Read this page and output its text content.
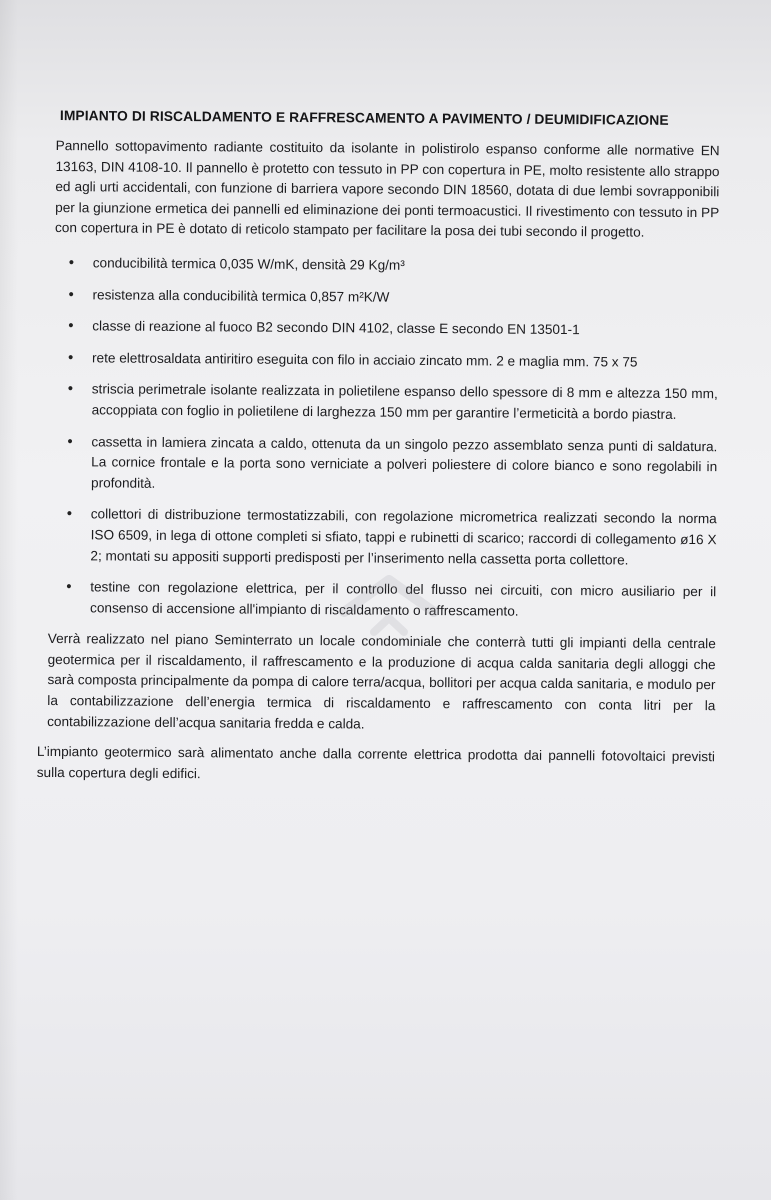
IMPIANTO DI RISCALDAMENTO E RAFFRESCAMENTO A PAVIMENTO / DEUMIDIFICAZIONE

Pannello sottopavimento radiante costituito da isolante in polistirolo espanso conforme alle normative EN 13163, DIN 4108-10. Il pannello è protetto con tessuto in PP con copertura in PE, molto resistente allo strappo ed agli urti accidentali, con funzione di barriera vapore secondo DIN 18560, dotata di due lembi sovrapponibili per la giunzione ermetica dei pannelli ed eliminazione dei ponti termoacustici. Il rivestimento con tessuto in PP con copertura in PE è dotato di reticolo stampato per facilitare la posa dei tubi secondo il progetto.

• conducibilità termica 0,035 W/mK, densità 29 Kg/m³
• resistenza alla conducibilità termica 0,857 m²K/W
• classe di reazione al fuoco B2 secondo DIN 4102, classe E secondo EN 13501-1
• rete elettrosaldata antiritiro eseguita con filo in acciaio zincato mm. 2 e maglia mm. 75 x 75
• striscia perimetrale isolante realizzata in polietilene espanso dello spessore di 8 mm e altezza 150 mm, accoppiata con foglio in polietilene di larghezza 150 mm per garantire l’ermeticità a bordo piastra.
• cassetta in lamiera zincata a caldo, ottenuta da un singolo pezzo assemblato senza punti di saldatura. La cornice frontale e la porta sono verniciate a polveri poliestere di colore bianco e sono regolabili in profondità.
• collettori di distribuzione termostatizzabili, con regolazione micrometrica realizzati secondo la norma ISO 6509, in lega di ottone completi si sfiato, tappi e rubinetti di scarico; raccordi di collegamento ø16 X 2; montati su appositi supporti predisposti per l’inserimento nella cassetta porta collettore.
• testine con regolazione elettrica, per il controllo del flusso nei circuiti, con micro ausiliario per il consenso di accensione all'impianto di riscaldamento o raffrescamento.

Verrà realizzato nel piano Seminterrato un locale condominiale che conterrà tutti gli impianti della centrale geotermica per il riscaldamento, il raffrescamento e la produzione di acqua calda sanitaria degli alloggi che sarà composta principalmente da pompa di calore terra/acqua, bollitori per acqua calda sanitaria, e modulo per la contabilizzazione dell’energia termica di riscaldamento e raffrescamento con conta litri per la contabilizzazione dell’acqua sanitaria fredda e calda.

L’impianto geotermico sarà alimentato anche dalla corrente elettrica prodotta dai pannelli fotovoltaici previsti sulla copertura degli edifici.
